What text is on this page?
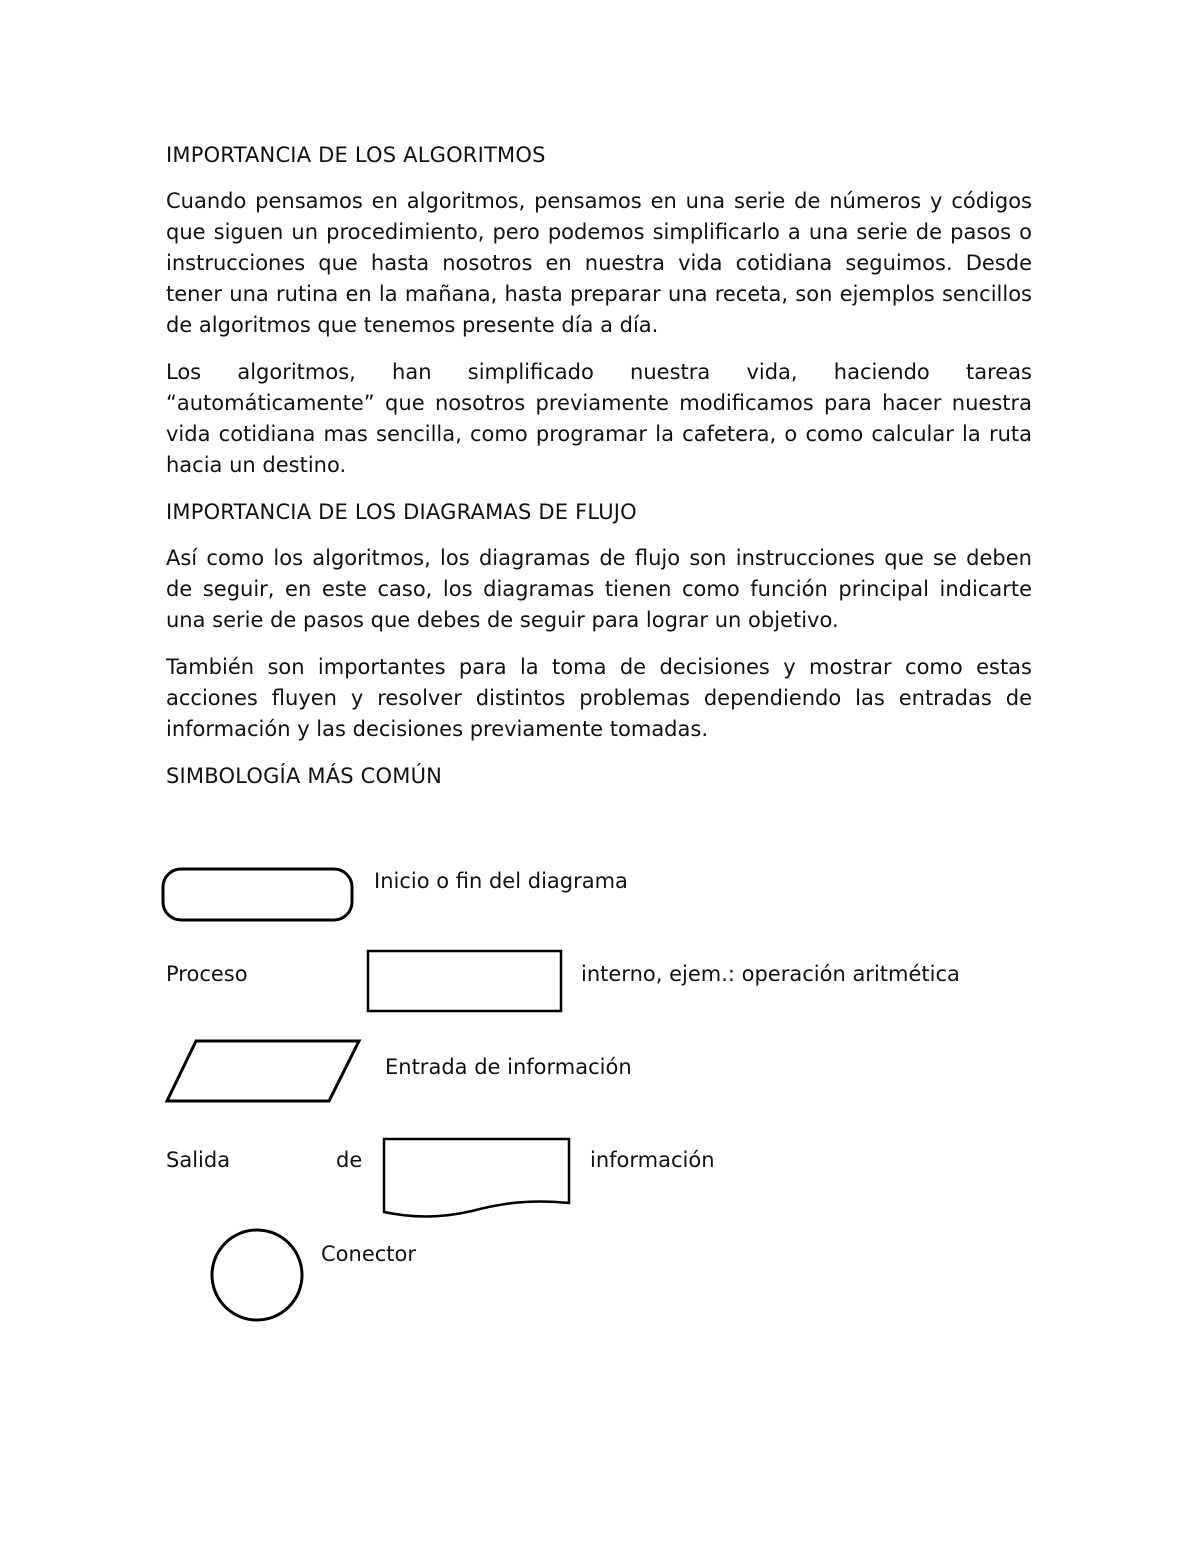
IMPORTANCIA DE LOS ALGORITMOS

Cuando pensamos en algoritmos, pensamos en una serie de números y códigos que siguen un procedimiento, pero podemos simplificarlo a una serie de pasos o instrucciones que hasta nosotros en nuestra vida cotidiana seguimos. Desde tener una rutina en la mañana, hasta preparar una receta, son ejemplos sencillos de algoritmos que tenemos presente día a día.

Los algoritmos, han simplificado nuestra vida, haciendo tareas “automáticamente” que nosotros previamente modificamos para hacer nuestra vida cotidiana mas sencilla, como programar la cafetera, o como calcular la ruta hacia un destino.

IMPORTANCIA DE LOS DIAGRAMAS DE FLUJO

Así como los algoritmos, los diagramas de flujo son instrucciones que se deben de seguir, en este caso, los diagramas tienen como función principal indicarte una serie de pasos que debes de seguir para lograr un objetivo.

También son importantes para la toma de decisiones y mostrar como estas acciones fluyen y resolver distintos problemas dependiendo las entradas de información y las decisiones previamente tomadas.

SIMBOLOGÍA MÁS COMÚN

Inicio o fin del diagrama
Proceso	interno, ejem.: operación aritmética
Entrada de información
Salida	de	información
Conector
